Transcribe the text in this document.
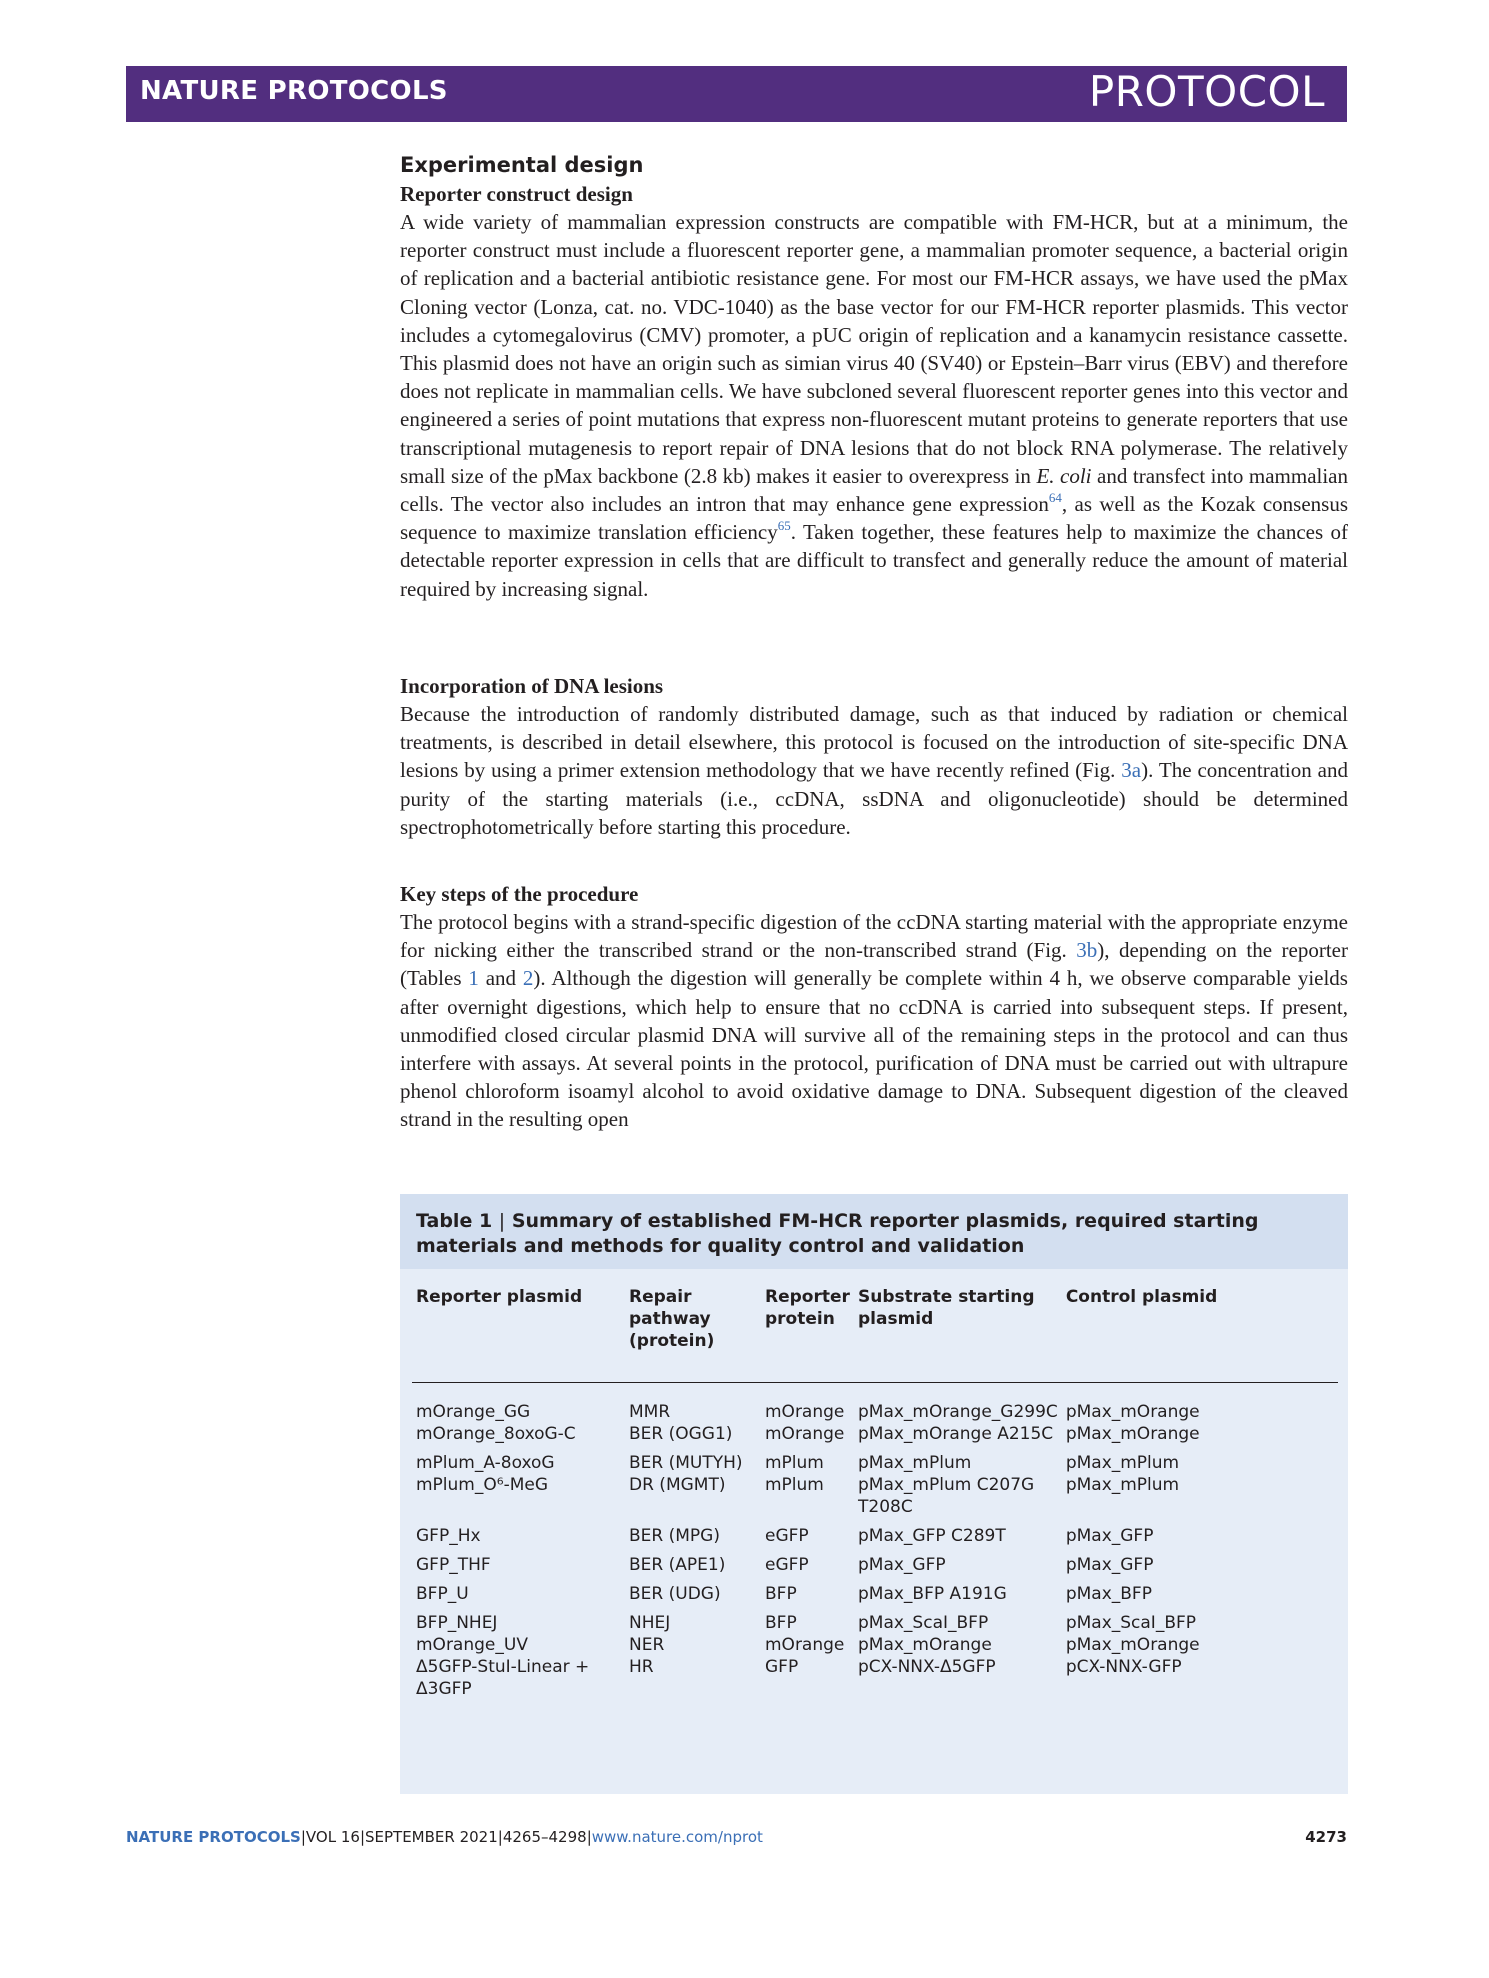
NATURE PROTOCOLS	PROTOCOL
Experimental design
Reporter construct design

A wide variety of mammalian expression constructs are compatible with FM-HCR, but at a minimum, the reporter construct must include a fluorescent reporter gene, a mammalian promoter sequence, a bacterial origin of replication and a bacterial antibiotic resistance gene. For most our FM-HCR assays, we have used the pMax Cloning vector (Lonza, cat. no. VDC-1040) as the base vector for our FM-HCR reporter plasmids. This vector includes a cytomegalovirus (CMV) promoter, a pUC origin of replication and a kanamycin resistance cassette. This plasmid does not have an origin such as simian virus 40 (SV40) or Epstein–Barr virus (EBV) and therefore does not replicate in mammalian cells. We have subcloned several fluorescent reporter genes into this vector and engineered a series of point mutations that express non-fluorescent mutant proteins to generate reporters that use transcriptional mutagenesis to report repair of DNA lesions that do not block RNA polymerase. The relatively small size of the pMax backbone (2.8 kb) makes it easier to overexpress in E. coli and transfect into mammalian cells. The vector also includes an intron that may enhance gene expression$^{64}$, as well as the Kozak consensus sequence to maximize translation efficiency$^{65}$. Taken together, these features help to maximize the chances of detectable reporter expression in cells that are difficult to transfect and generally reduce the amount of material required by increasing signal.

Incorporation of DNA lesions

Because the introduction of randomly distributed damage, such as that induced by radiation or chemical treatments, is described in detail elsewhere, this protocol is focused on the introduction of site-specific DNA lesions by using a primer extension methodology that we have recently refined (Fig. 3a). The concentration and purity of the starting materials (i.e., ccDNA, ssDNA and oligonucleotide) should be determined spectrophotometrically before starting this procedure.

Key steps of the procedure

The protocol begins with a strand-specific digestion of the ccDNA starting material with the appropriate enzyme for nicking either the transcribed strand or the non-transcribed strand (Fig. 3b), depending on the reporter (Tables 1 and 2). Although the digestion will generally be complete within 4 h, we observe comparable yields after overnight digestions, which help to ensure that no ccDNA is carried into subsequent steps. If present, unmodified closed circular plasmid DNA will survive all of the remaining steps in the protocol and can thus interfere with assays. At several points in the protocol, purification of DNA must be carried out with ultrapure phenol chloroform isoamyl alcohol to avoid oxidative damage to DNA. Subsequent digestion of the cleaved strand in the resulting open

Table 1 | Summary of established FM-HCR reporter plasmids, required starting materials and methods for quality control and validation
Reporter plasmid	Repair pathway (protein)	Reporter protein	Substrate starting plasmid	Control plasmid
mOrange_GG	MMR	mOrange	pMax_mOrange_G299C	pMax_mOrange
mOrange_8oxoG-C	BER (OGG1)	mOrange	pMax_mOrange A215C	pMax_mOrange
mPlum_A-8oxoG	BER (MUTYH)	mPlum	pMax_mPlum	pMax_mPlum
mPlum_O⁶-MeG	DR (MGMT)	mPlum	pMax_mPlum C207G T208C	pMax_mPlum
GFP_Hx	BER (MPG)	eGFP	pMax_GFP C289T	pMax_GFP
GFP_THF	BER (APE1)	eGFP	pMax_GFP	pMax_GFP
BFP_U	BER (UDG)	BFP	pMax_BFP A191G	pMax_BFP
BFP_NHEJ	NHEJ	BFP	pMax_ScaI_BFP	pMax_ScaI_BFP
mOrange_UV	NER	mOrange	pMax_mOrange	pMax_mOrange
Δ5GFP-StuI-Linear + Δ3GFP	HR	GFP	pCX-NNX-Δ5GFP	pCX-NNX-GFP
NATURE PROTOCOLS|VOL 16|SEPTEMBER 2021|4265–4298|www.nature.com/nprot	4273
